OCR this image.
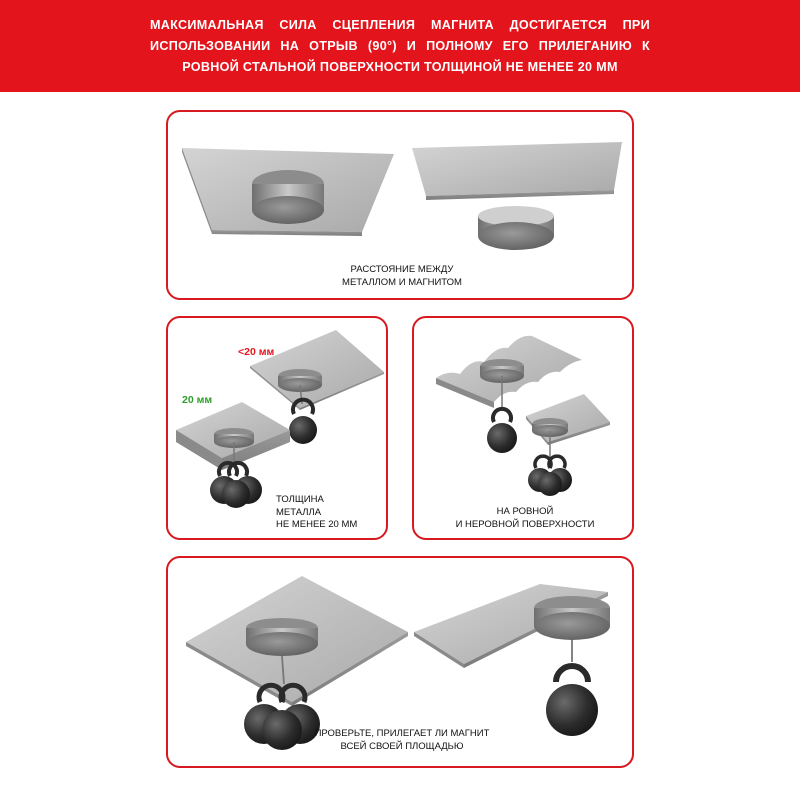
МАКСИМАЛЬНАЯ СИЛА СЦЕПЛЕНИЯ МАГНИТА ДОСТИГАЕТСЯ ПРИ ИСПОЛЬЗОВАНИИ НА ОТРЫВ (90°) И ПОЛНОМУ ЕГО ПРИЛЕГАНИЮ К РОВНОЙ СТАЛЬНОЙ ПОВЕРХНОСТИ ТОЛЩИНОЙ НЕ МЕНЕЕ 20 ММ
РАССТОЯНИЕ МЕЖДУ
МЕТАЛЛОМ И МАГНИТОМ
<20 мм
20 мм
ТОЛЩИНА
МЕТАЛЛА
НЕ МЕНЕЕ 20 ММ
НА РОВНОЙ
И НЕРОВНОЙ ПОВЕРХНОСТИ
ПРОВЕРЬТЕ, ПРИЛЕГАЕТ ЛИ МАГНИТ
ВСЕЙ СВОЕЙ ПЛОЩАДЬЮ
